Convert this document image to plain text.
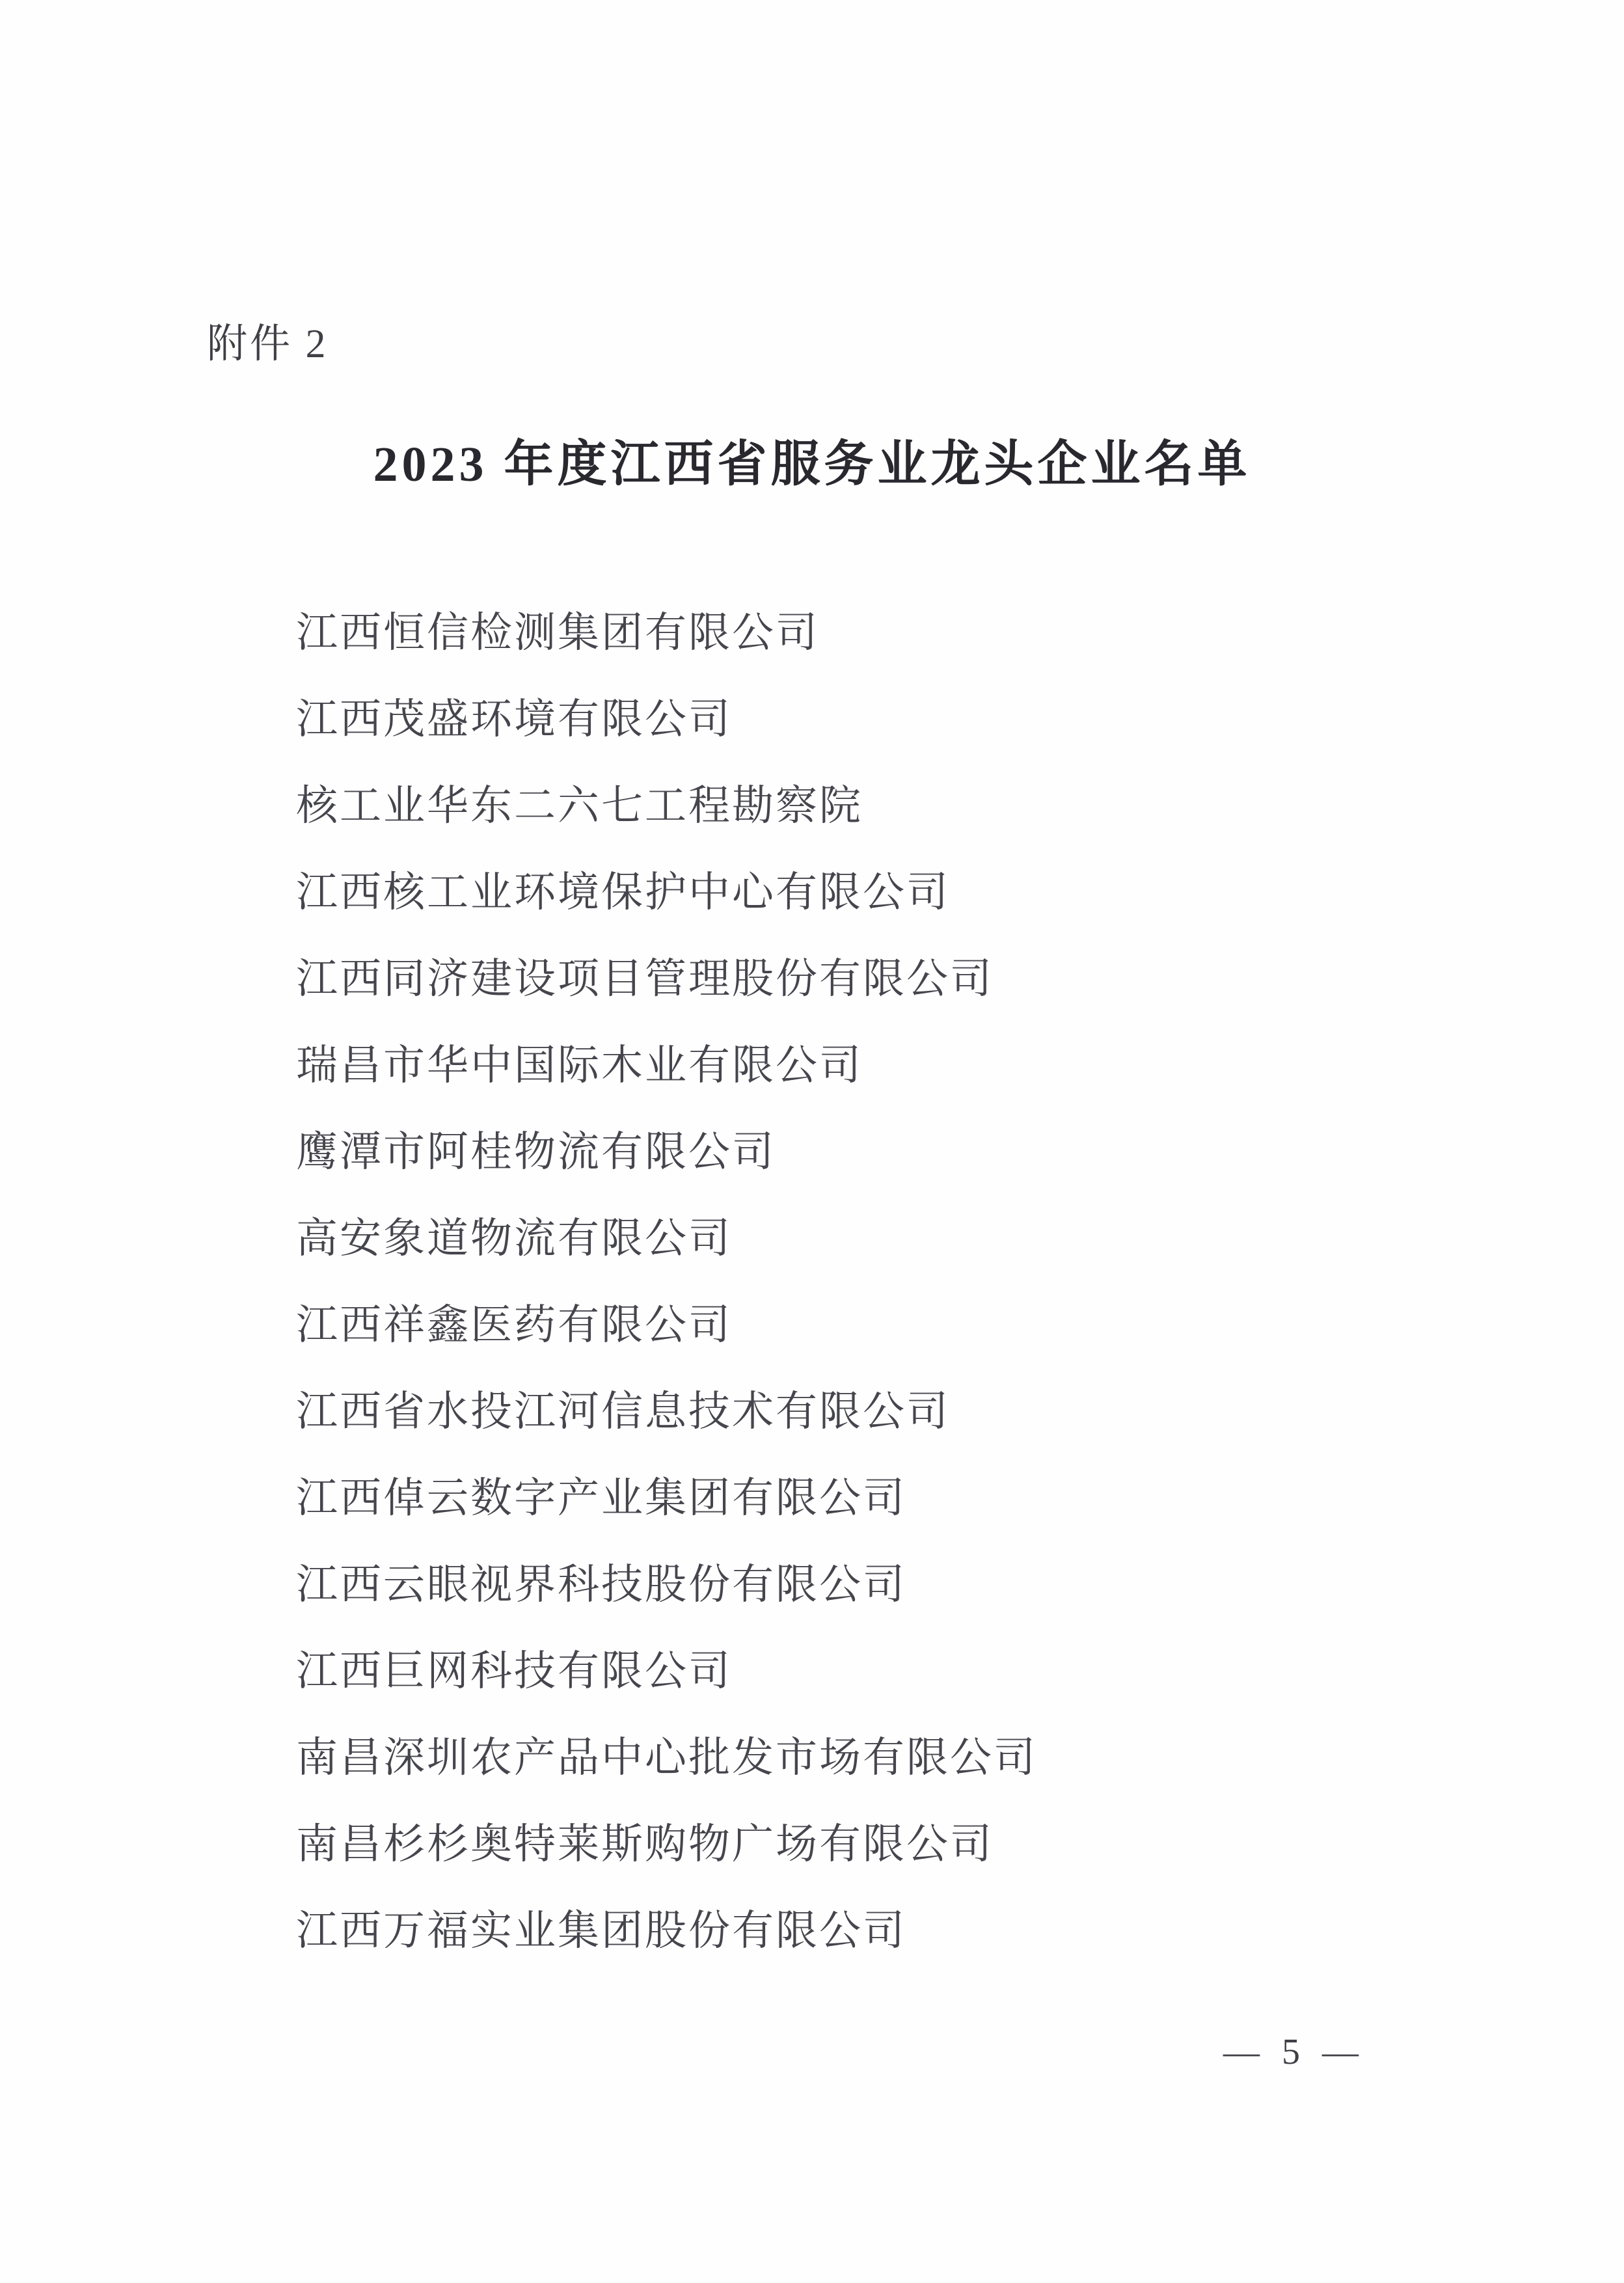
附件 2
2023 年度江西省服务业龙头企业名单
江西恒信检测集团有限公司
江西茂盛环境有限公司
核工业华东二六七工程勘察院
江西核工业环境保护中心有限公司
江西同济建设项目管理股份有限公司
瑞昌市华中国际木业有限公司
鹰潭市阿桂物流有限公司
高安象道物流有限公司
江西祥鑫医药有限公司
江西省水投江河信息技术有限公司
江西倬云数字产业集团有限公司
江西云眼视界科技股份有限公司
江西巨网科技有限公司
南昌深圳农产品中心批发市场有限公司
南昌杉杉奥特莱斯购物广场有限公司
江西万福实业集团股份有限公司
— 5 —
